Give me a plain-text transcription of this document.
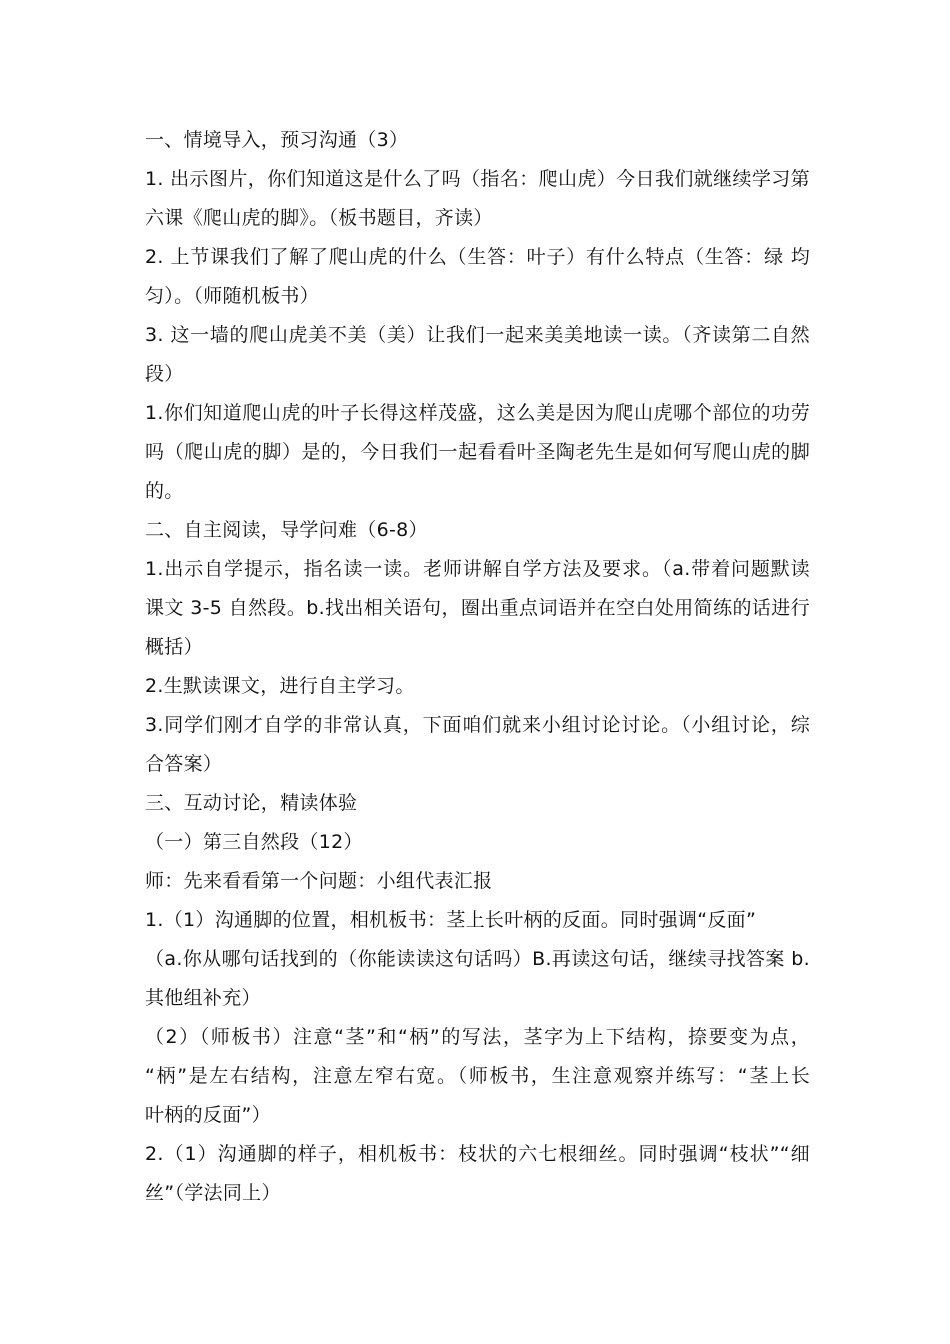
一、情境导入，预习沟通（3）
1. 出示图片，你们知道这是什么了吗（指名：爬山虎）今日我们就继续学习第
六课《爬山虎的脚》。（板书题目，齐读）
2. 上节课我们了解了爬山虎的什么（生答：叶子）有什么特点（生答：绿 均
匀）。（师随机板书）
3. 这一墙的爬山虎美不美（美）让我们一起来美美地读一读。（齐读第二自然
段）
1.你们知道爬山虎的叶子长得这样茂盛，这么美是因为爬山虎哪个部位的功劳
吗（爬山虎的脚）是的，今日我们一起看看叶圣陶老先生是如何写爬山虎的脚
的。
二、自主阅读，导学问难（6-8）
1.出示自学提示，指名读一读。老师讲解自学方法及要求。（a.带着问题默读
课文 3-5 自然段。b.找出相关语句，圈出重点词语并在空白处用简练的话进行
概括）
2.生默读课文，进行自主学习。
3.同学们刚才自学的非常认真，下面咱们就来小组讨论讨论。（小组讨论，综
合答案）
三、互动讨论，精读体验
（一）第三自然段（12）
师：先来看看第一个问题：小组代表汇报
1.（1）沟通脚的位置，相机板书：茎上长叶柄的反面。同时强调“反面”
（a.你从哪句话找到的（你能读读这句话吗）B.再读这句话，继续寻找答案 b.
其他组补充）
（2）（师板书）注意“茎”和“柄”的写法，茎字为上下结构，捺要变为点，
“柄”是左右结构，注意左窄右宽。（师板书，生注意观察并练写：“茎上长
叶柄的反面”）
2.（1）沟通脚的样子，相机板书：枝状的六七根细丝。同时强调“枝状”“细
丝”（学法同上）
